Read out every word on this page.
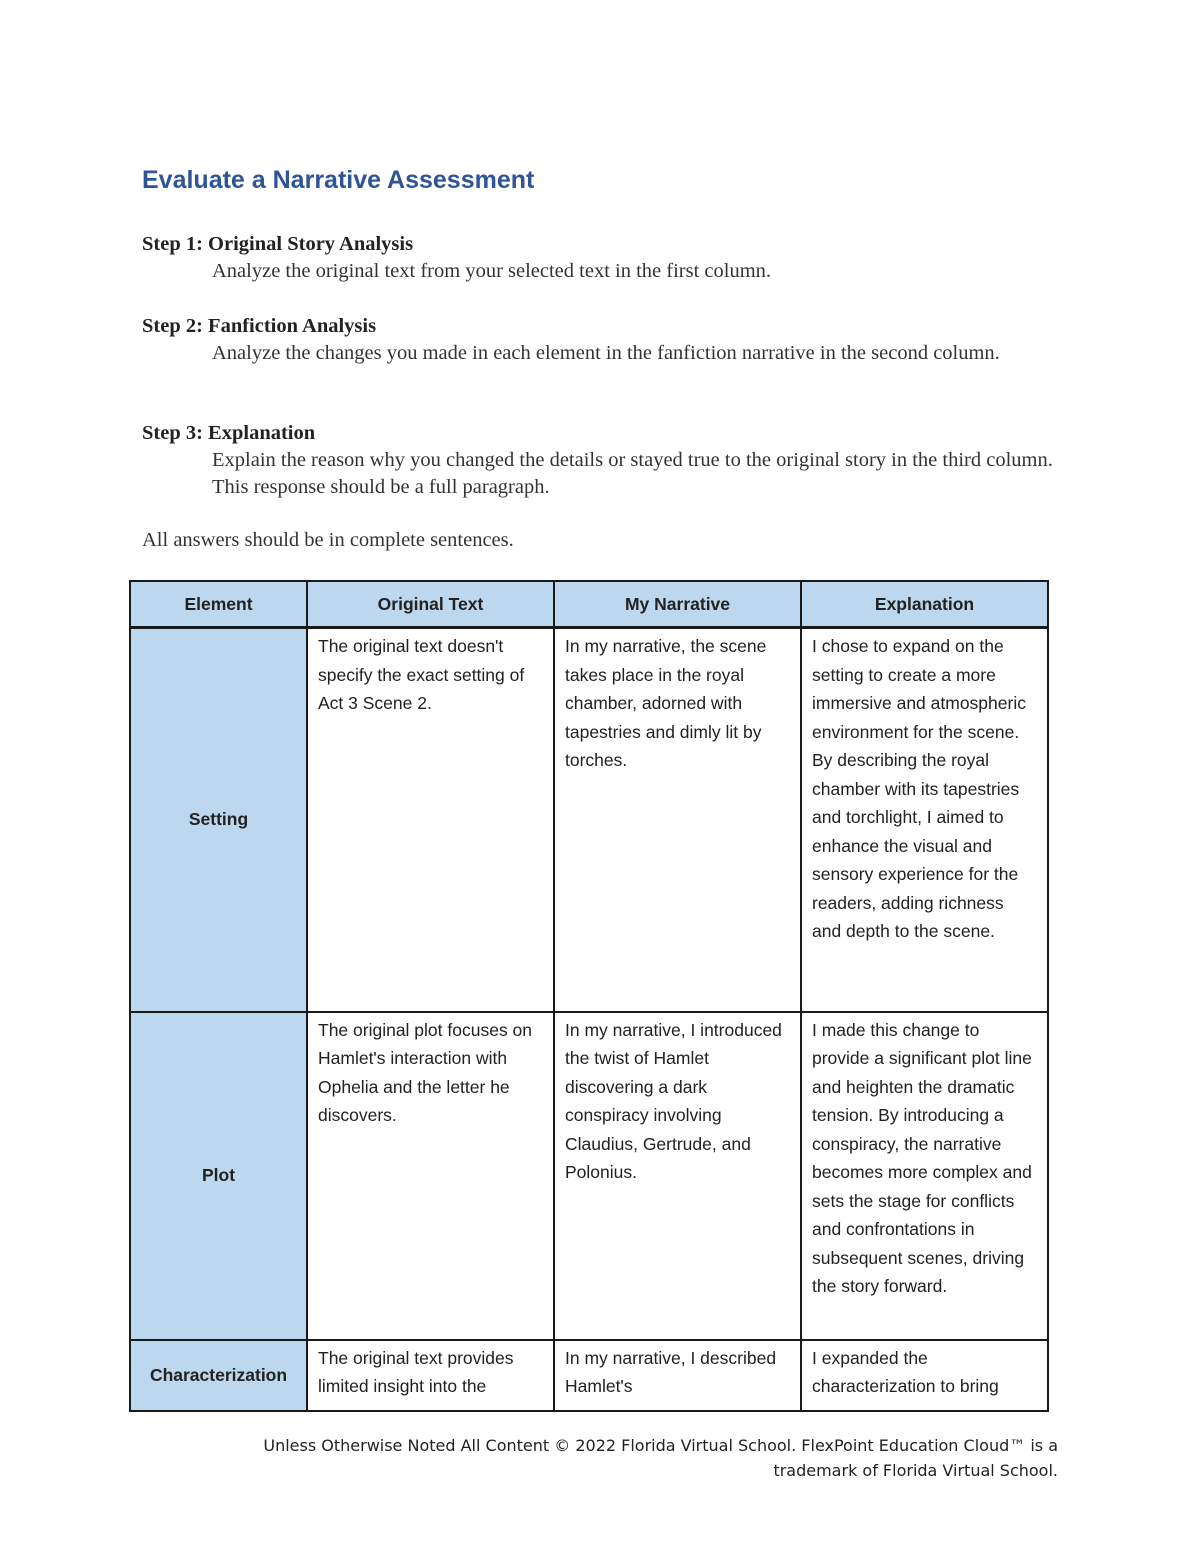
Evaluate a Narrative Assessment

Step 1: Original Story Analysis

Analyze the original text from your selected text in the first column.

Step 2: Fanfiction Analysis

Analyze the changes you made in each element in the fanfiction narrative in the second column.

Step 3: Explanation

Explain the reason why you changed the details or stayed true to the original story in the third column. This response should be a full paragraph.

All answers should be in complete sentences.

Element	Original Text	My Narrative	Explanation
Setting	The original text doesn't specify the exact setting of Act 3 Scene 2.	In my narrative, the scene takes place in the royal chamber, adorned with tapestries and dimly lit by torches.	I chose to expand on the setting to create a more immersive and atmospheric environment for the scene. By describing the royal chamber with its tapestries and torchlight, I aimed to enhance the visual and sensory experience for the readers, adding richness and depth to the scene.
Plot	The original plot focuses on Hamlet's interaction with Ophelia and the letter he discovers.	In my narrative, I introduced the twist of Hamlet discovering a dark conspiracy involving Claudius, Gertrude, and Polonius.	I made this change to provide a significant plot line and heighten the dramatic tension. By introducing a conspiracy, the narrative becomes more complex and sets the stage for conflicts and confrontations in subsequent scenes, driving the story forward.
Characterization	The original text provides limited insight into the	In my narrative, I described Hamlet's	I expanded the characterization to bring

Unless Otherwise Noted All Content © 2022 Florida Virtual School. FlexPoint Education Cloud™ is a
trademark of Florida Virtual School.
